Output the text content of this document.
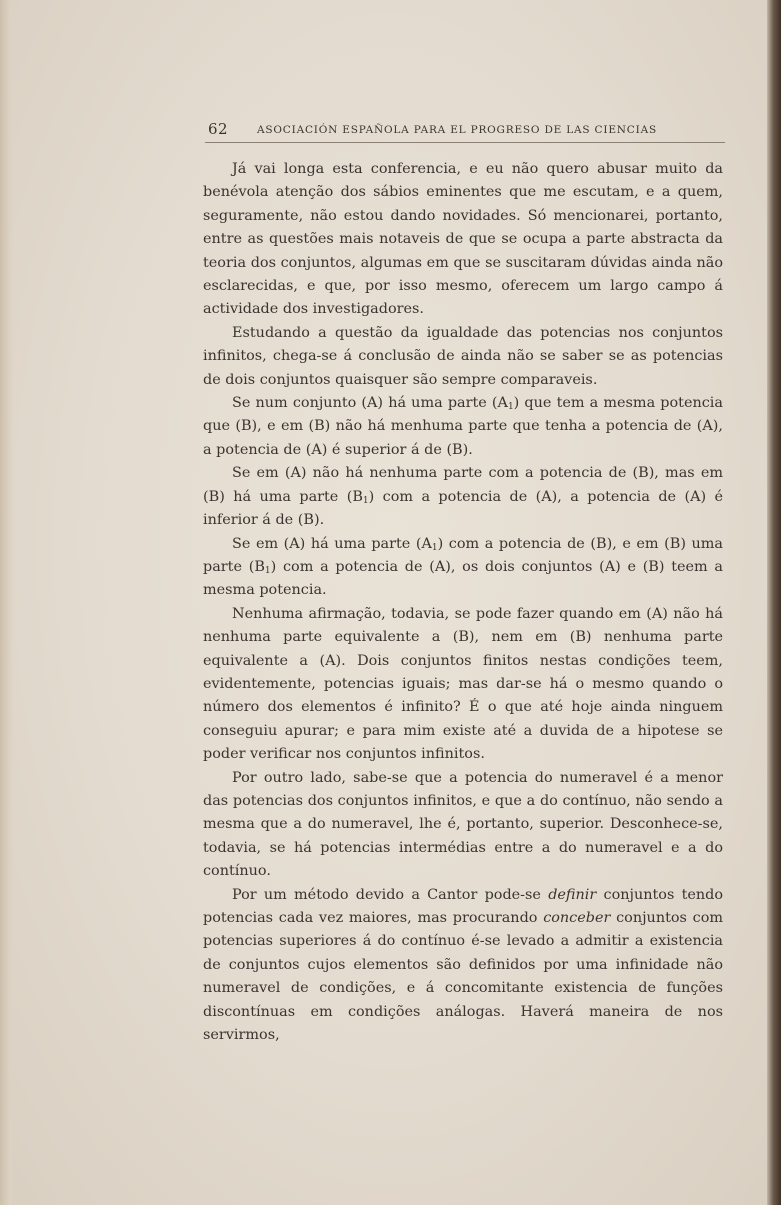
62	ASOCIACIÓN ESPAÑOLA PARA EL PROGRESO DE LAS CIENCIAS

Já vai longa esta conferencia, e eu não quero abusar muito da benévola atenção dos sábios eminentes que me escutam, e a quem, seguramente, não estou dando novidades. Só mencionarei, portanto, entre as questões mais notaveis de que se ocupa a parte abstracta da teoria dos conjuntos, algumas em que se suscitaram dúvidas ainda não esclarecidas, e que, por isso mesmo, oferecem um largo campo á actividade dos investigadores.

Estudando a questão da igualdade das potencias nos conjuntos infinitos, chega-se á conclusão de ainda não se saber se as potencias de dois conjuntos quaisquer são sempre comparaveis.

Se num conjunto (A) há uma parte $(A_1)$ que tem a mesma potencia que (B), e em (B) não há menhuma parte que tenha a potencia de (A), a potencia de (A) é superior á de (B).

Se em (A) não há nenhuma parte com a potencia de (B), mas em (B) há uma parte $(B_1)$ com a potencia de (A), a potencia de (A) é inferior á de (B).

Se em (A) há uma parte $(A_1)$ com a potencia de (B), e em (B) uma parte $(B_1)$ com a potencia de (A), os dois conjuntos (A) e (B) teem a mesma potencia.

Nenhuma afirmação, todavia, se pode fazer quando em (A) não há nenhuma parte equivalente a (B), nem em (B) nenhuma parte equivalente a (A). Dois conjuntos finitos nestas condições teem, evidentemente, potencias iguais; mas dar-se há o mesmo quando o número dos elementos é infinito? É o que até hoje ainda ninguem conseguiu apurar; e para mim existe até a duvida de a hipotese se poder verificar nos conjuntos infinitos.

Por outro lado, sabe-se que a potencia do numeravel é a menor das potencias dos conjuntos infinitos, e que a do contínuo, não sendo a mesma que a do numeravel, lhe é, portanto, superior. Desconhece-se, todavia, se há potencias intermédias entre a do numeravel e a do contínuo.

Por um método devido a Cantor pode-se definir conjuntos tendo potencias cada vez maiores, mas procurando conceber conjuntos com potencias superiores á do contínuo é-se levado a admitir a existencia de conjuntos cujos elementos são definidos por uma infinidade não numeravel de condições, e á concomitante existencia de funções discontínuas em condições análogas. Haverá maneira de nos servirmos,
